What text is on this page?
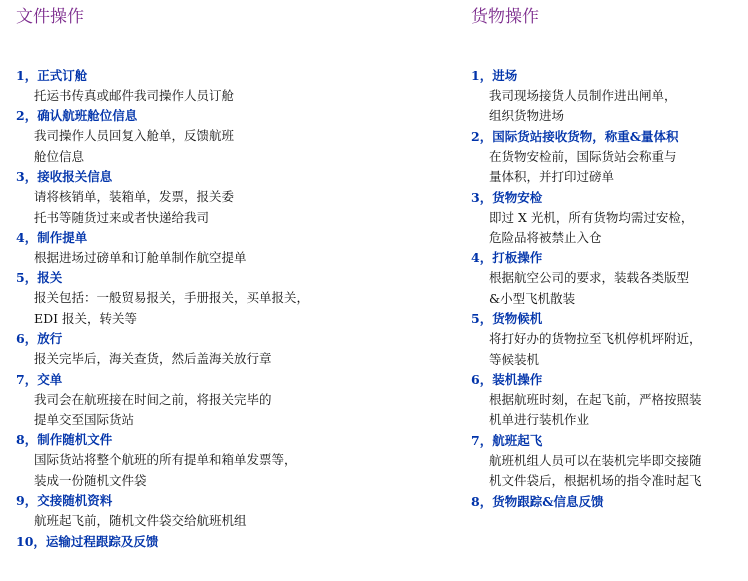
文件操作
1，正式订舱
托运书传真或邮件我司操作人员订舱
2，确认航班舱位信息
我司操作人员回复入舱单，反馈航班
舱位信息
3，接收报关信息
请将核销单，装箱单，发票，报关委
托书等随货过来或者快递给我司
4，制作提单
根据进场过磅单和订舱单制作航空提单
5，报关
报关包括：一般贸易报关，手册报关，买单报关，
EDI 报关，转关等
6，放行
报关完毕后，海关查货，然后盖海关放行章
7，交单
我司会在航班接在时间之前，将报关完毕的
提单交至国际货站
8，制作随机文件
国际货站将整个航班的所有提单和箱单发票等，
装成一份随机文件袋
9，交接随机资料
航班起飞前，随机文件袋交给航班机组
10，运输过程跟踪及反馈
货物操作
1，进场
我司现场接货人员制作进出闸单，
组织货物进场
2，国际货站接收货物，称重&量体积
在货物安检前，国际货站会称重与
量体积，并打印过磅单
3，货物安检
即过 X 光机，所有货物均需过安检，
危险品将被禁止入仓
4，打板操作
根据航空公司的要求，装载各类版型
&小型飞机散装
5，货物候机
将打好办的货物拉至飞机停机坪附近，
等候装机
6，装机操作
根据航班时刻，在起飞前，严格按照装
机单进行装机作业
7，航班起飞
航班机组人员可以在装机完毕即交接随
机文件袋后，根据机场的指令准时起飞
8，货物跟踪&信息反馈
